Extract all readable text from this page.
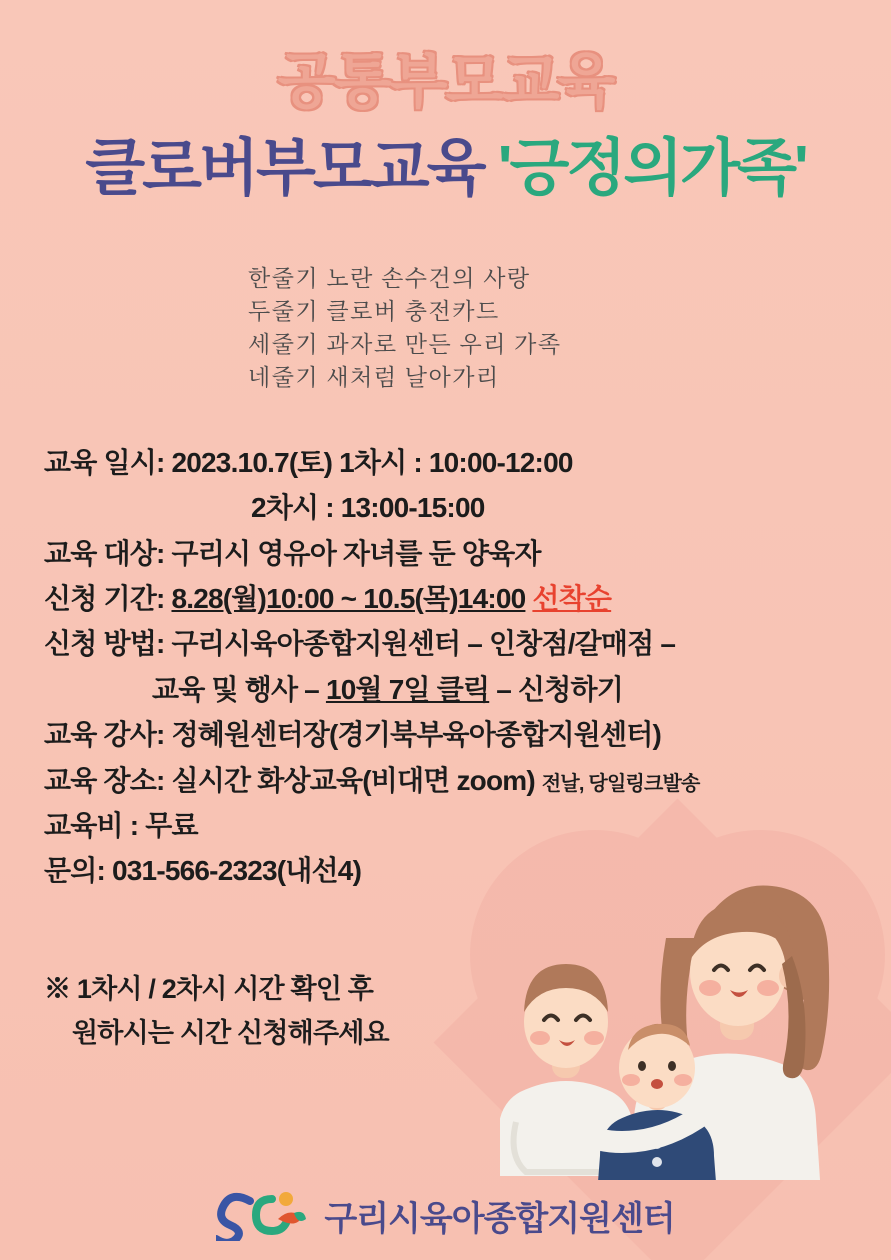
공통부모교육
클로버부모교육 '긍정의가족'
한줄기 노란 손수건의 사랑
두줄기 클로버 충전카드
세줄기 과자로 만든 우리 가족
네줄기 새처럼 날아가리
교육 일시: 2023.10.7(토) 1차시 : 10:00-12:00
2차시 : 13:00-15:00
교육 대상: 구리시 영유아 자녀를 둔 양육자
신청 기간: 8.28(월)10:00 ~ 10.5(목)14:00 선착순
신청 방법: 구리시육아종합지원센터 – 인창점/갈매점 –
교육 및 행사 – 10월 7일 클릭 – 신청하기
교육 강사: 정혜원센터장(경기북부육아종합지원센터)
교육 장소: 실시간 화상교육(비대면 zoom) 전날, 당일링크발송
교육비 : 무료
문의: 031-566-2323(내선4)
※ 1차시 / 2차시 시간 확인 후
원하시는 시간 신청해주세요
구리시육아종합지원센터
